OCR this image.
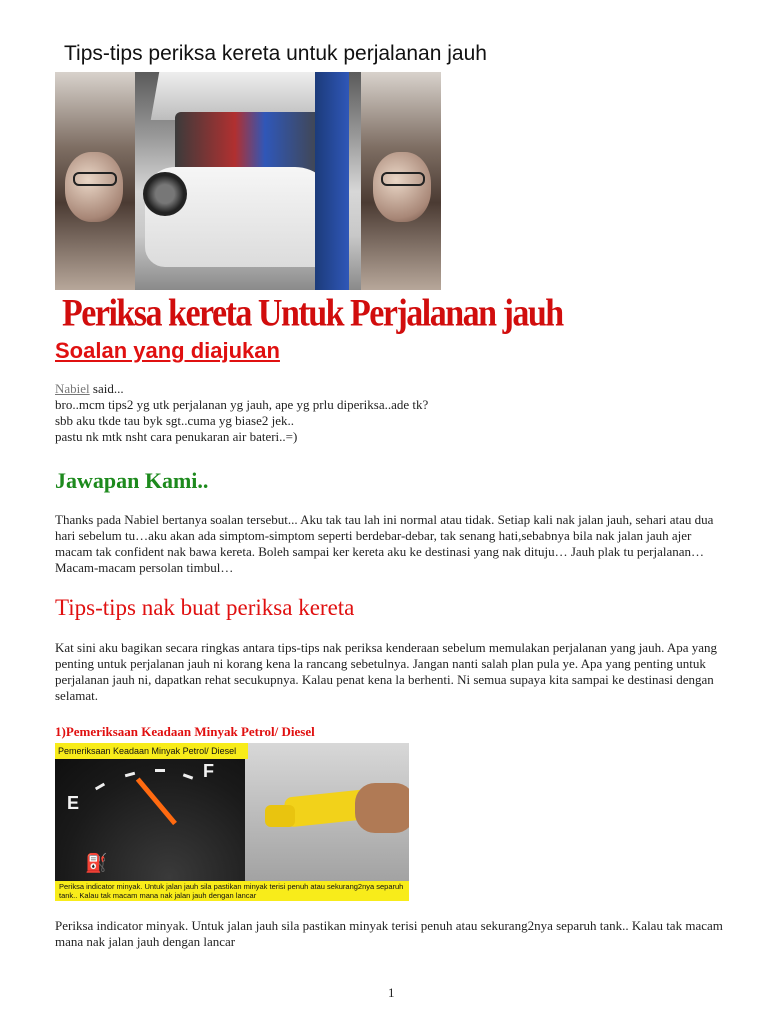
Tips-tips periksa kereta untuk perjalanan jauh
Periksa kereta Untuk Perjalanan jauh
Soalan yang diajukan
Nabiel said...
bro..mcm tips2 yg utk perjalanan yg jauh, ape yg prlu diperiksa..ade tk?
sbb aku tkde tau byk sgt..cuma yg biase2 jek..
pastu nk mtk nsht cara penukaran air bateri..=)
Jawapan Kami..
Thanks pada Nabiel bertanya soalan tersebut... Aku tak tau lah ini normal atau tidak. Setiap kali nak jalan jauh, sehari atau dua hari sebelum tu…aku akan ada simptom-simptom seperti berdebar-debar, tak senang hati,sebabnya bila nak jalan jauh ajer macam tak confident nak bawa kereta. Boleh sampai ker kereta aku ke destinasi yang nak dituju… Jauh plak tu perjalanan… Macam-macam persolan timbul…
Tips-tips nak buat periksa kereta
Kat sini aku bagikan secara ringkas antara tips-tips nak periksa kenderaan sebelum memulakan perjalanan yang jauh. Apa yang penting untuk perjalanan jauh ni korang kena la rancang sebetulnya. Jangan nanti salah plan pula ye. Apa yang penting untuk perjalanan jauh ni, dapatkan rehat secukupnya. Kalau penat kena la berhenti. Ni semua supaya kita sampai ke destinasi dengan selamat.
1)Pemeriksaan Keadaan Minyak Petrol/ Diesel
E
F
⛽
Pemeriksaan Keadaan Minyak Petrol/ Diesel
Periksa indicator minyak. Untuk jalan jauh sila pastikan minyak terisi penuh atau sekurang2nya separuh tank.. Kalau tak macam mana nak jalan jauh dengan lancar
Periksa indicator minyak. Untuk jalan jauh sila pastikan minyak terisi penuh atau sekurang2nya separuh tank.. Kalau tak macam mana nak jalan jauh dengan lancar
1
